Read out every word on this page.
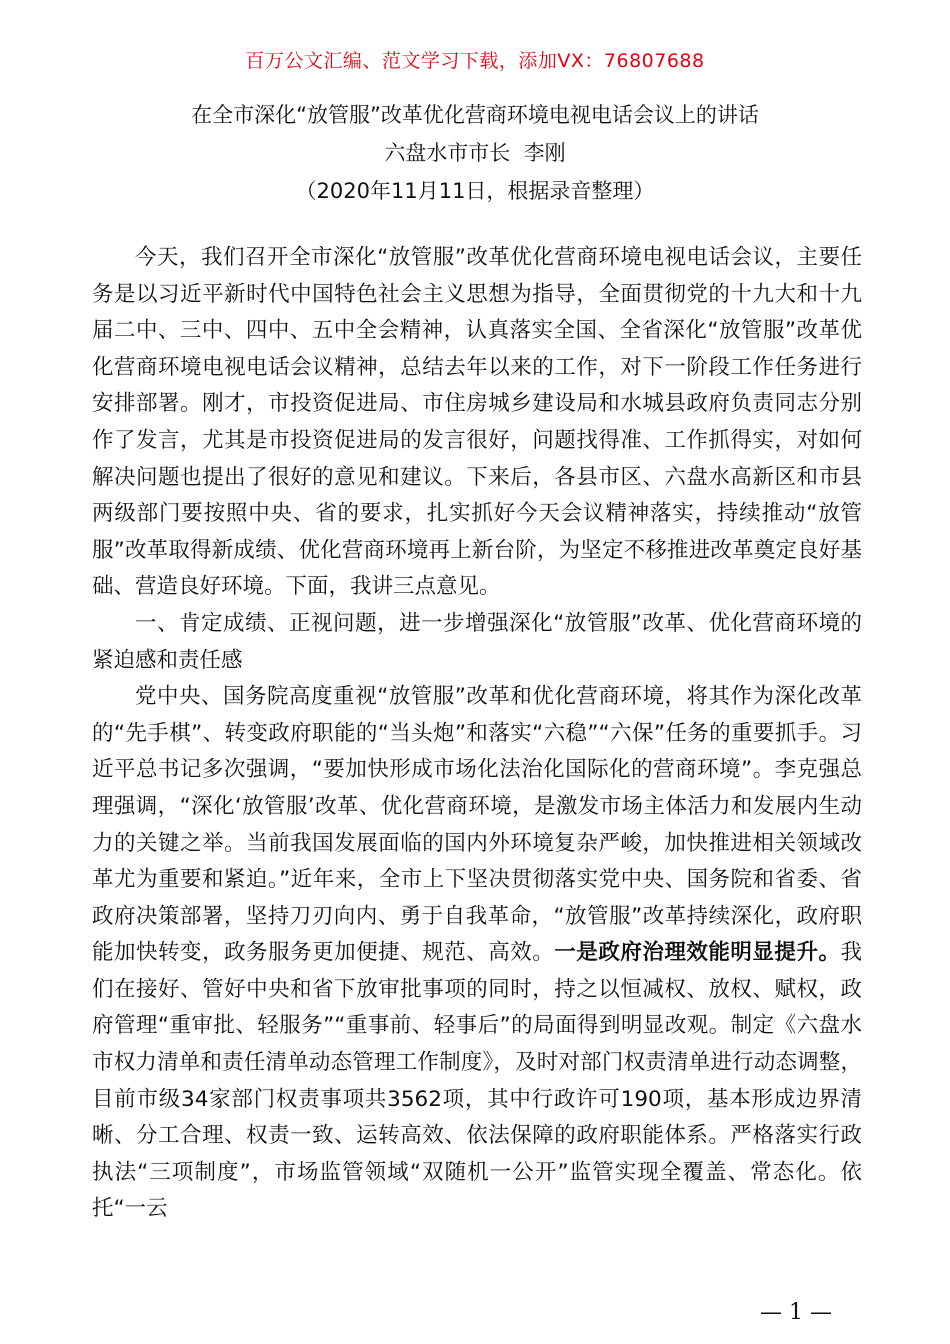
百万公文汇编、范文学习下载，添加VX：76807688
在全市深化“放管服”改革优化营商环境电视电话会议上的讲话
六盘水市市长  李刚
（2020年11月11日，根据录音整理）

今天，我们召开全市深化“放管服”改革优化营商环境电视电话会议，主要任务是以习近平新时代中国特色社会主义思想为指导，全面贯彻党的十九大和十九届二中、三中、四中、五中全会精神，认真落实全国、全省深化“放管服”改革优化营商环境电视电话会议精神，总结去年以来的工作，对下一阶段工作任务进行安排部署。刚才，市投资促进局、市住房城乡建设局和水城县政府负责同志分别作了发言，尤其是市投资促进局的发言很好，问题找得准、工作抓得实，对如何解决问题也提出了很好的意见和建议。下来后，各县市区、六盘水高新区和市县两级部门要按照中央、省的要求，扎实抓好今天会议精神落实，持续推动“放管服”改革取得新成绩、优化营商环境再上新台阶，为坚定不移推进改革奠定良好基础、营造良好环境。下面，我讲三点意见。

一、肯定成绩、正视问题，进一步增强深化“放管服”改革、优化营商环境的紧迫感和责任感

党中央、国务院高度重视“放管服”改革和优化营商环境，将其作为深化改革的“先手棋”、转变政府职能的“当头炮”和落实“六稳”“六保”任务的重要抓手。习近平总书记多次强调，“要加快形成市场化法治化国际化的营商环境”。李克强总理强调，“深化‘放管服’改革、优化营商环境，是激发市场主体活力和发展内生动力的关键之举。当前我国发展面临的国内外环境复杂严峻，加快推进相关领域改革尤为重要和紧迫。”近年来，全市上下坚决贯彻落实党中央、国务院和省委、省政府决策部署，坚持刀刃向内、勇于自我革命，“放管服”改革持续深化，政府职能加快转变，政务服务更加便捷、规范、高效。一是政府治理效能明显提升。我们在接好、管好中央和省下放审批事项的同时，持之以恒减权、放权、赋权，政府管理“重审批、轻服务”“重事前、轻事后”的局面得到明显改观。制定《六盘水市权力清单和责任清单动态管理工作制度》，及时对部门权责清单进行动态调整，目前市级34家部门权责事项共3562项，其中行政许可190项，基本形成边界清晰、分工合理、权责一致、运转高效、依法保障的政府职能体系。严格落实行政执法“三项制度”，市场监管领域“双随机一公开”监管实现全覆盖、常态化。依托“一云

— 1 —
